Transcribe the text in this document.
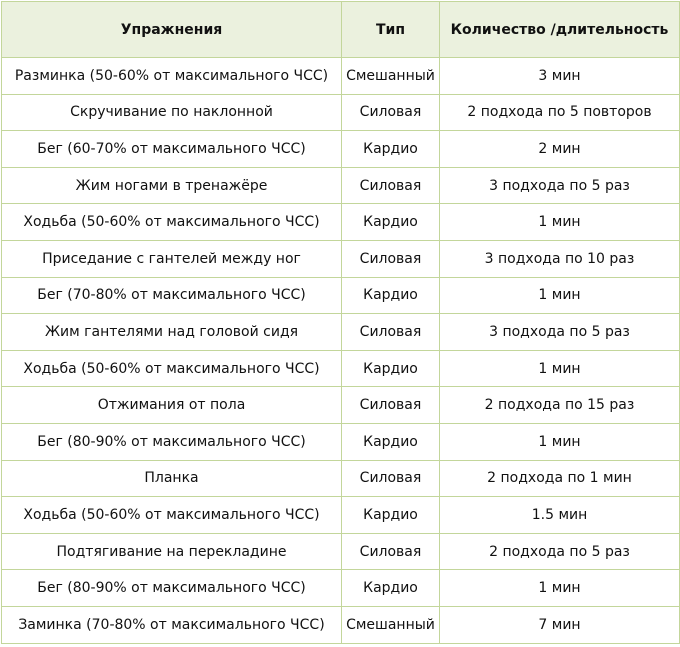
Упражнения	Тип	Количество /длительность
Разминка (50-60% от максимального ЧСС)	Смешанный	3 мин
Скручивание по наклонной	Силовая	2 подхода по 5 повторов
Бег (60-70% от максимального ЧСС)	Кардио	2 мин
Жим ногами в тренажёре	Силовая	3 подхода по 5 раз
Ходьба (50-60% от максимального ЧСС)	Кардио	1 мин
Приседание с гантелей между ног	Силовая	3 подхода по 10 раз
Бег (70-80% от максимального ЧСС)	Кардио	1 мин
Жим гантелями над головой сидя	Силовая	3 подхода по 5 раз
Ходьба (50-60% от максимального ЧСС)	Кардио	1 мин
Отжимания от пола	Силовая	2 подхода по 15 раз
Бег (80-90% от максимального ЧСС)	Кардио	1 мин
Планка	Силовая	2 подхода по 1 мин
Ходьба (50-60% от максимального ЧСС)	Кардио	1.5 мин
Подтягивание на перекладине	Силовая	2 подхода по 5 раз
Бег (80-90% от максимального ЧСС)	Кардио	1 мин
Заминка (70-80% от максимального ЧСС)	Смешанный	7 мин
